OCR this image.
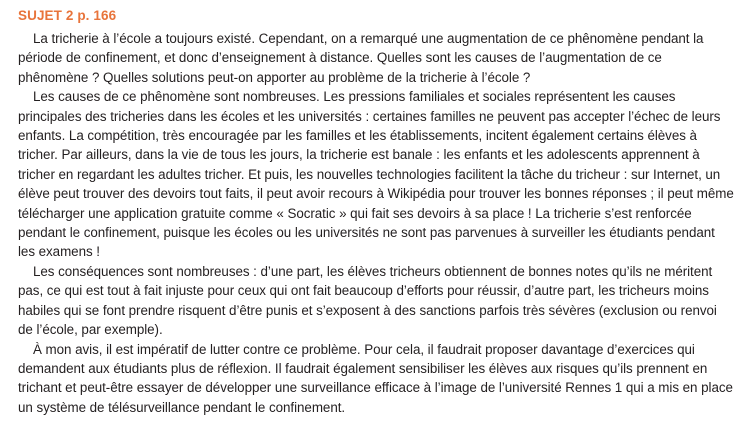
SUJET 2 p. 166

La tricherie à l’école a toujours existé. Cependant, on a remarqué une augmentation de ce phênomène pendant la période de confinement, et donc d’enseignement à distance. Quelles sont les causes de l’augmentation de ce phênomène ? Quelles solutions peut-on apporter au problème de la tricherie à l’école ?

Les causes de ce phênomène sont nombreuses. Les pressions familiales et sociales représentent les causes principales des tricheries dans les écoles et les universités : certaines familles ne peuvent pas accepter l’échec de leurs enfants. La compétition, très encouragée par les familles et les établissements, incitent également certains élèves à tricher. Par ailleurs, dans la vie de tous les jours, la tricherie est banale : les enfants et les adolescents apprennent à tricher en regardant les adultes tricher. Et puis, les nouvelles technologies facilitent la tâche du tricheur : sur Internet, un élève peut trouver des devoirs tout faits, il peut avoir recours à Wikipédia pour trouver les bonnes réponses ; il peut même télécharger une application gratuite comme « Socratic » qui fait ses devoirs à sa place ! La tricherie s’est renforcée pendant le confinement, puisque les écoles ou les universités ne sont pas parvenues à surveiller les étudiants pendant les examens !

Les conséquences sont nombreuses : d’une part, les élèves tricheurs obtiennent de bonnes notes qu’ils ne méritent pas, ce qui est tout à fait injuste pour ceux qui ont fait beaucoup d’efforts pour réussir, d’autre part, les tricheurs moins habiles qui se font prendre risquent d’être punis et s’exposent à des sanctions parfois très sévères (exclusion ou renvoi de l’école, par exemple).

À mon avis, il est impératif de lutter contre ce problème. Pour cela, il faudrait proposer davantage d’exercices qui demandent aux étudiants plus de réflexion. Il faudrait également sensibiliser les élèves aux risques qu’ils prennent en trichant et peut-être essayer de développer une surveillance efficace à l’image de l’université Rennes 1 qui a mis en place un système de télésurveillance pendant le confinement.
